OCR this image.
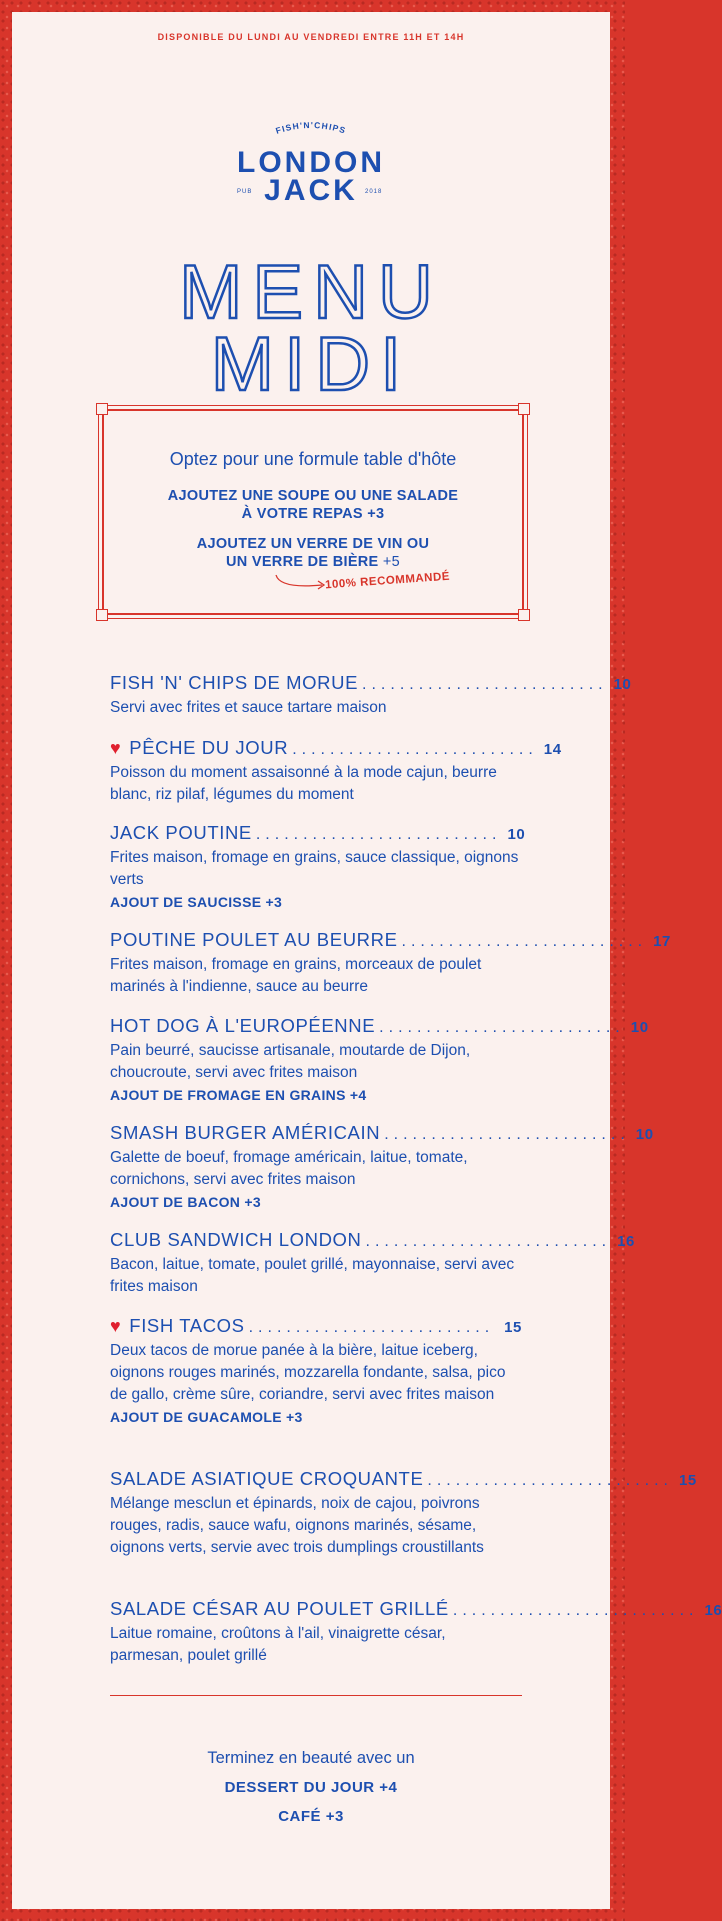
DISPONIBLE DU LUNDI AU VENDREDI ENTRE 11H ET 14H
FISH'N'CHIPS
LONDON
JACK
PUB	2018
MENU
MIDI
Optez pour une formule table d'hôte
AJOUTEZ UNE SOUPE OU UNE SALADE
À VOTRE REPAS +3
AJOUTEZ UN VERRE DE VIN OU
UN VERRE DE BIÈRE +5
100% RECOMMANDÉ
FISH 'N' CHIPS DE MORUE .......................... 10
Servi avec frites et sauce tartare maison
♥ PÊCHE DU JOUR .......................... 14
Poisson du moment assaisonné à la mode cajun, beurre blanc, riz pilaf, légumes du moment
JACK POUTINE .......................... 10
Frites maison, fromage en grains, sauce classique, oignons verts
AJOUT DE SAUCISSE +3
POUTINE POULET AU BEURRE .......................... 17
Frites maison, fromage en grains, morceaux de poulet marinés à l'indienne, sauce au beurre
HOT DOG À L'EUROPÉENNE .......................... 10
Pain beurré, saucisse artisanale, moutarde de Dijon, choucroute, servi avec frites maison
AJOUT DE FROMAGE EN GRAINS +4
SMASH BURGER AMÉRICAIN .......................... 10
Galette de boeuf, fromage américain, laitue, tomate, cornichons, servi avec frites maison
AJOUT DE BACON +3
CLUB SANDWICH LONDON .......................... 16
Bacon, laitue, tomate, poulet grillé, mayonnaise, servi avec frites maison
♥ FISH TACOS .......................... 15
Deux tacos de morue panée à la bière, laitue iceberg, oignons rouges marinés, mozzarella fondante, salsa, pico de gallo, crème sûre, coriandre, servi avec frites maison
AJOUT DE GUACAMOLE +3
SALADE ASIATIQUE CROQUANTE .......................... 15
Mélange mesclun et épinards, noix de cajou, poivrons rouges, radis, sauce wafu, oignons marinés, sésame, oignons verts, servie avec trois dumplings croustillants
SALADE CÉSAR AU POULET GRILLÉ .......................... 16
Laitue romaine, croûtons à l'ail, vinaigrette césar, parmesan, poulet grillé
Terminez en beauté avec un
DESSERT DU JOUR +4
CAFÉ +3
